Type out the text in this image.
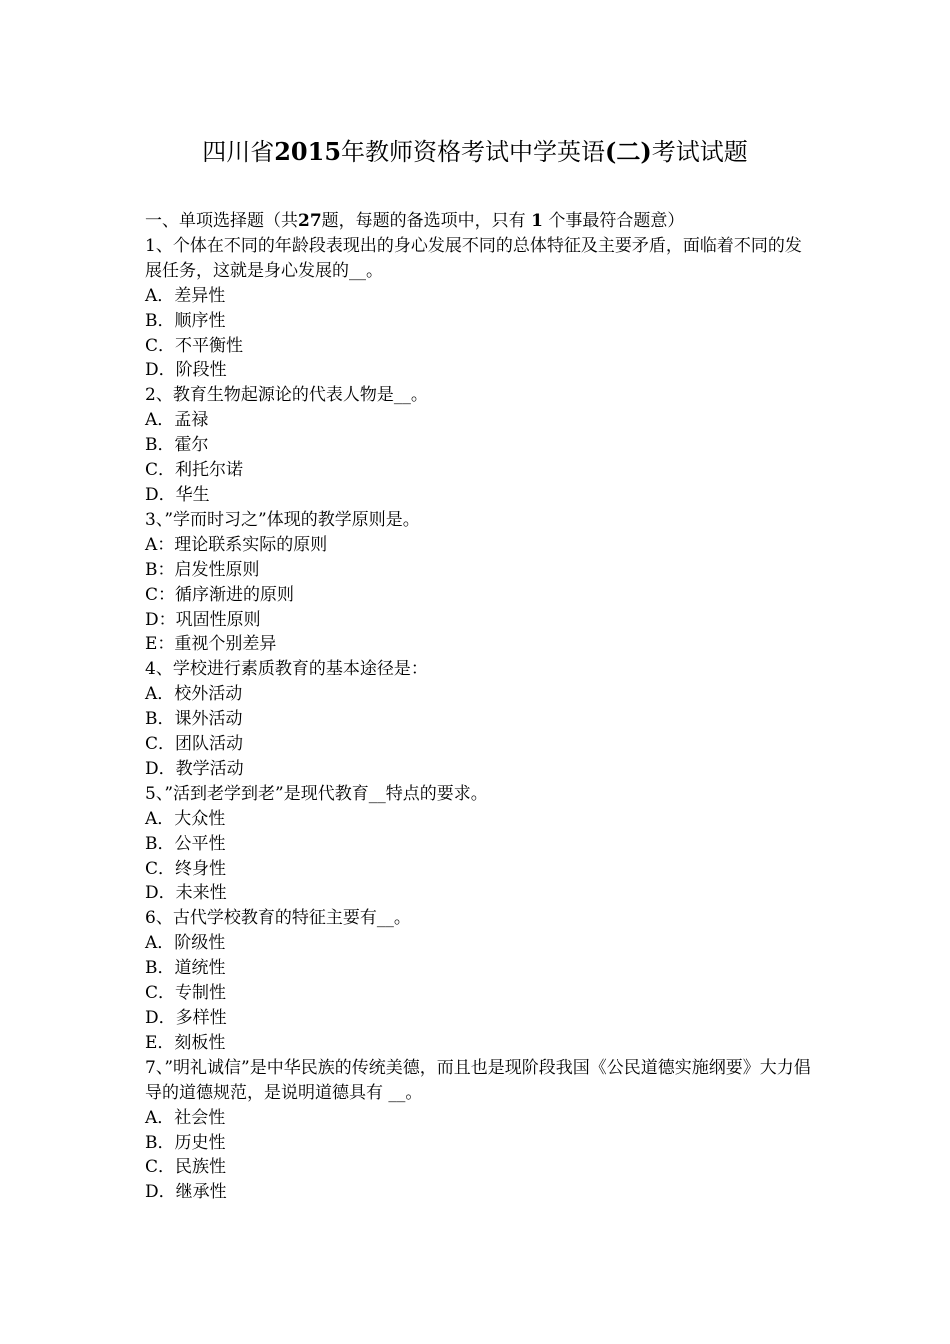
四川省2015年教师资格考试中学英语(二)考试试题
一、单项选择题（共27题，每题的备选项中，只有 1 个事最符合题意）
1、个体在不同的年龄段表现出的身心发展不同的总体特征及主要矛盾，面临着不同的发展任务，这就是身心发展的__。
A．差异性
B．顺序性
C．不平衡性
D．阶段性
2、教育生物起源论的代表人物是__。
A．孟禄
B．霍尔
C．利托尔诺
D．华生
3、”学而时习之”体现的教学原则是。
A：理论联系实际的原则
B：启发性原则
C：循序渐进的原则
D：巩固性原则
E：重视个别差异
4、学校进行素质教育的基本途径是：
A．校外活动
B．课外活动
C．团队活动
D．教学活动
5、”活到老学到老”是现代教育__特点的要求。
A．大众性
B．公平性
C．终身性
D．未来性
6、古代学校教育的特征主要有__。
A．阶级性
B．道统性
C．专制性
D．多样性
E．刻板性
7、”明礼诚信”是中华民族的传统美德，而且也是现阶段我国《公民道德实施纲要》大力倡导的道德规范，是说明道德具有 __。
A．社会性
B．历史性
C．民族性
D．继承性
